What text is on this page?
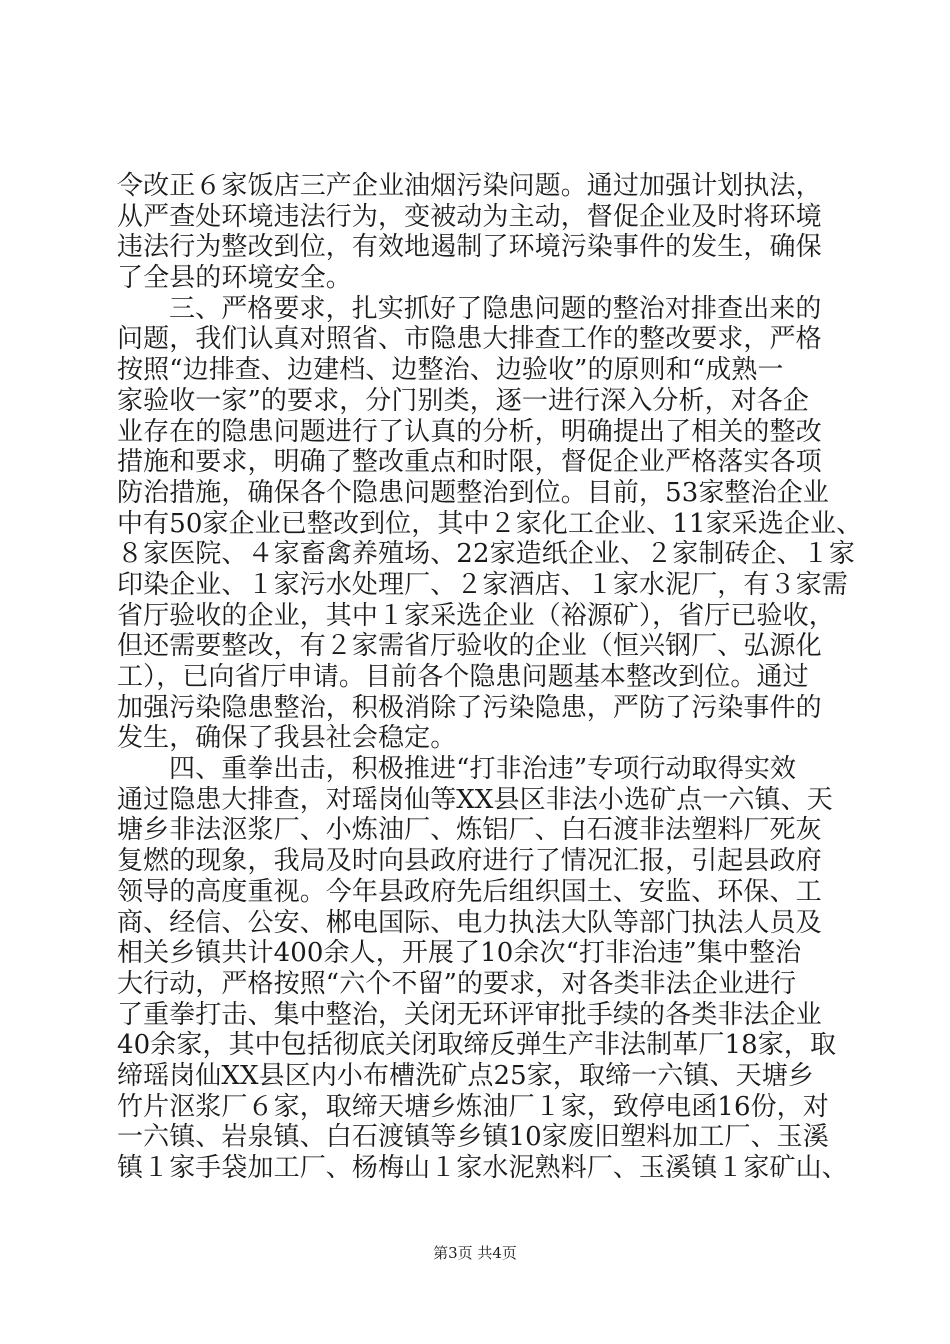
令改正６家饭店三产企业油烟污染问题。通过加强计划执法，
从严查处环境违法行为，变被动为主动，督促企业及时将环境
违法行为整改到位，有效地遏制了环境污染事件的发生，确保
了全县的环境安全。
三、严格要求，扎实抓好了隐患问题的整治对排查出来的
问题，我们认真对照省、市隐患大排查工作的整改要求，严格
按照“边排查、边建档、边整治、边验收”的原则和“成熟一
家验收一家”的要求，分门别类，逐一进行深入分析，对各企
业存在的隐患问题进行了认真的分析，明确提出了相关的整改
措施和要求，明确了整改重点和时限，督促企业严格落实各项
防治措施，确保各个隐患问题整治到位。目前，53家整治企业
中有50家企业已整改到位，其中２家化工企业、11家采选企业、
８家医院、４家畜禽养殖场、22家造纸企业、２家制砖企、１家
印染企业、１家污水处理厂、２家酒店、１家水泥厂，有３家需
省厅验收的企业，其中１家采选企业（裕源矿），省厅已验收，
但还需要整改，有２家需省厅验收的企业（恒兴钢厂、弘源化
工），已向省厅申请。目前各个隐患问题基本整改到位。通过
加强污染隐患整治，积极消除了污染隐患，严防了污染事件的
发生，确保了我县社会稳定。
四、重拳出击，积极推进“打非治违”专项行动取得实效
通过隐患大排查，对瑶岗仙等XX县区非法小选矿点一六镇、天
塘乡非法沤浆厂、小炼油厂、炼铝厂、白石渡非法塑料厂死灰
复燃的现象，我局及时向县政府进行了情况汇报，引起县政府
领导的高度重视。今年县政府先后组织国土、安监、环保、工
商、经信、公安、郴电国际、电力执法大队等部门执法人员及
相关乡镇共计400余人，开展了10余次“打非治违”集中整治
大行动，严格按照“六个不留”的要求，对各类非法企业进行
了重拳打击、集中整治，关闭无环评审批手续的各类非法企业
40余家，其中包括彻底关闭取缔反弹生产非法制革厂18家，取
缔瑶岗仙XX县区内小布槽洗矿点25家，取缔一六镇、天塘乡
竹片沤浆厂６家，取缔天塘乡炼油厂１家，致停电函16份，对
一六镇、岩泉镇、白石渡镇等乡镇10家废旧塑料加工厂、玉溪
镇１家手袋加工厂、杨梅山１家水泥熟料厂、玉溪镇１家矿山、
第3页 共4页
